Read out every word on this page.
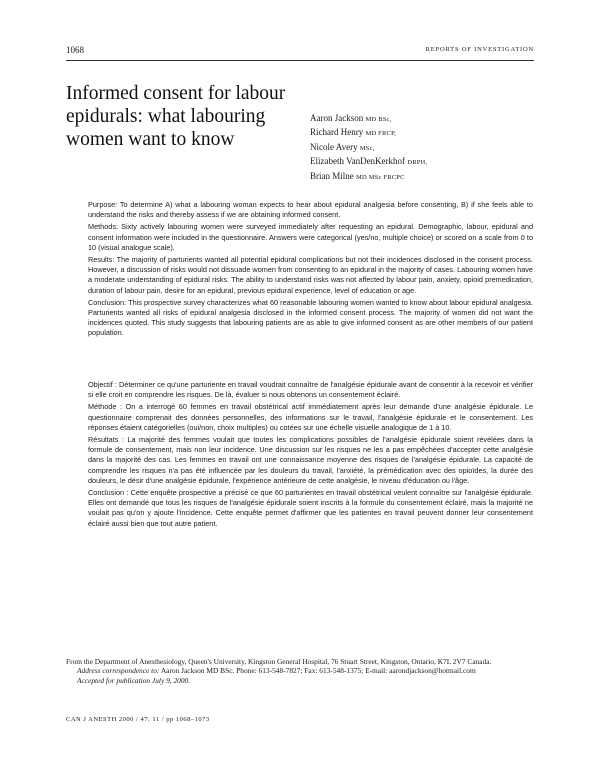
1068	REPORTS OF INVESTIGATION
Informed consent for labour epidurals: what labouring women want to know
Aaron Jackson MD BSc,
Richard Henry MD FRCP,
Nicole Avery MSc,
Elizabeth VanDenKerkhof DRPH,
Brian Milne MD MSc FRCPC

Purpose: To determine A) what a labouring woman expects to hear about epidural analgesia before consenting, B) if she feels able to understand the risks and thereby assess if we are obtaining informed consent.

Methods: Sixty actively labouring women were surveyed immediately after requesting an epidural. Demographic, labour, epidural and consent information were included in the questionnaire. Answers were categorical (yes/no, multiple choice) or scored on a scale from 0 to 10 (visual analogue scale).

Results: The majority of parturients wanted all potential epidural complications but not their incidences disclosed in the consent process. However, a discussion of risks would not dissuade women from consenting to an epidural in the majority of cases. Labouring women have a moderate understanding of epidural risks. The ability to understand risks was not affected by labour pain, anxiety, opioid premedication, duration of labour pain, desire for an epidural, previous epidural experience, level of education or age.

Conclusion: This prospective survey characterizes what 60 reasonable labouring women wanted to know about labour epidural analgesia. Parturients wanted all risks of epidural analgesia disclosed in the informed consent process. The majority of women did not want the incidences quoted. This study suggests that labouring patients are as able to give informed consent as are other members of our patient population.

Objectif : Déterminer ce qu'une parturiente en travail voudrait connaître de l'analgésie épidurale avant de consentir à la recevoir et vérifier si elle croit en comprendre les risques. De là, évaluer si nous obtenons un consentement éclairé.

Méthode : On a interrogé 60 femmes en travail obstétrical actif immédiatement après leur demande d'une analgésie épidurale. Le questionnaire comprenait des données personnelles, des informations sur le travail, l'analgésie épidurale et le consentement. Les réponses étaient catégorielles (oui/non, choix multiples) ou cotées sur une échelle visuelle analogique de 1 à 10.

Résultats : La majorité des femmes voulait que toutes les complications possibles de l'analgésie épidurale soient révélées dans la formule de consentement, mais non leur incidence. Une discussion sur les risques ne les a pas empêchées d'accepter cette analgésie dans la majorité des cas. Les femmes en travail ont une connaissance moyenne des risques de l'analgésie épidurale. La capacité de comprendre les risques n'a pas été influencée par les douleurs du travail, l'anxiété, la prémédication avec des opioïdes, la durée des douleurs, le désir d'une analgésie épidurale, l'expérience antérieure de cette analgésie, le niveau d'éducation ou l'âge.

Conclusion : Cette enquête prospective a précisé ce que 60 parturientes en travail obstétrical veulent connaître sur l'analgésie épidurale. Elles ont demandé que tous les risques de l'analgésie épidurale soient inscrits à la formule du consentement éclairé, mais la majorité ne voulait pas qu'on y ajoute l'incidence. Cette enquête permet d'affirmer que les patientes en travail peuvent donner leur consentement éclairé aussi bien que tout autre patient.

From the Department of Anesthesiology, Queen's University, Kingston General Hospital, 76 Stuart Street, Kingston, Ontario, K7L 2V7 Canada.
Address correspondence to: Aaron Jackson MD BSc. Phone: 613-548-7827; Fax: 613-548-1375; E-mail: aarondjackson@hotmail.com
Accepted for publication July 9, 2000.
CAN J ANESTH 2000 / 47: 11 / pp 1068–1073
